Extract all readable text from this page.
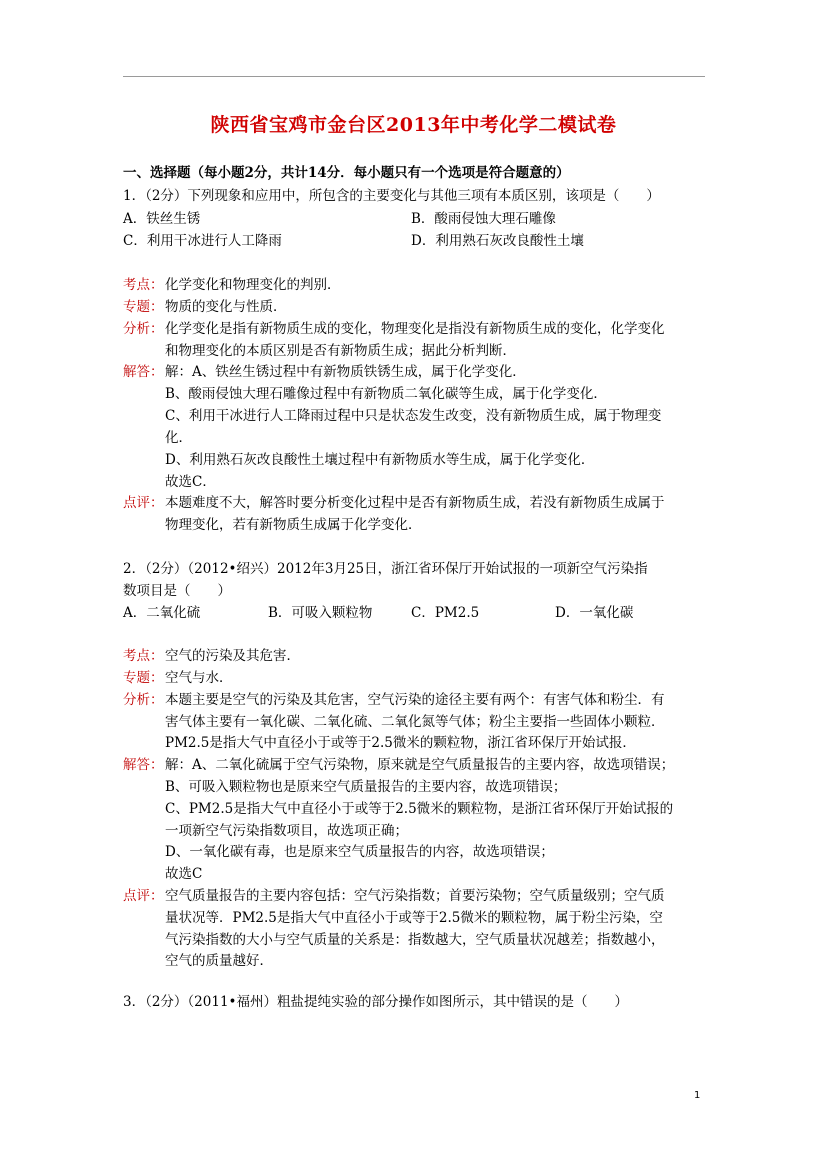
陕西省宝鸡市金台区2013年中考化学二模试卷
一、选择题（每小题2分，共计14分．每小题只有一个选项是符合题意的）
1．（2分）下列现象和应用中，所包含的主要变化与其他三项有本质区别，该项是（　　）
A．铁丝生锈	B．酸雨侵蚀大理石雕像
C．利用干冰进行人工降雨	D．利用熟石灰改良酸性土壤
考点： 化学变化和物理变化的判别．
专题： 物质的变化与性质．
分析： 化学变化是指有新物质生成的变化，物理变化是指没有新物质生成的变化，化学变化
和物理变化的本质区别是否有新物质生成；据此分析判断．
解答： 解：A、铁丝生锈过程中有新物质铁锈生成，属于化学变化．
B、酸雨侵蚀大理石雕像过程中有新物质二氧化碳等生成，属于化学变化．
C、利用干冰进行人工降雨过程中只是状态发生改变，没有新物质生成，属于物理变
化．
D、利用熟石灰改良酸性土壤过程中有新物质水等生成，属于化学变化．
故选C．
点评： 本题难度不大，解答时要分析变化过程中是否有新物质生成，若没有新物质生成属于
物理变化，若有新物质生成属于化学变化．
2．（2分）（2012•绍兴）2012年3月25日，浙江省环保厅开始试报的一项新空气污染指
数项目是（　　）
A．二氧化硫	B．可吸入颗粒物	C．PM2.5	D．一氧化碳
考点： 空气的污染及其危害．
专题： 空气与水．
分析： 本题主要是空气的污染及其危害，空气污染的途径主要有两个：有害气体和粉尘．有
害气体主要有一氧化碳、二氧化硫、二氧化氮等气体；粉尘主要指一些固体小颗粒．
PM2.5是指大气中直径小于或等于2.5微米的颗粒物，浙江省环保厅开始试报．
解答： 解：A、二氧化硫属于空气污染物，原来就是空气质量报告的主要内容，故选项错误；
B、可吸入颗粒物也是原来空气质量报告的主要内容，故选项错误；
C、PM2.5是指大气中直径小于或等于2.5微米的颗粒物，是浙江省环保厅开始试报的
一项新空气污染指数项目，故选项正确；
D、一氧化碳有毒，也是原来空气质量报告的内容，故选项错误；
故选C
点评： 空气质量报告的主要内容包括：空气污染指数；首要污染物；空气质量级别；空气质
量状况等．PM2.5是指大气中直径小于或等于2.5微米的颗粒物，属于粉尘污染，空
气污染指数的大小与空气质量的关系是：指数越大，空气质量状况越差；指数越小，
空气的质量越好．
3．（2分）（2011•福州）粗盐提纯实验的部分操作如图所示，其中错误的是（　　）
1
